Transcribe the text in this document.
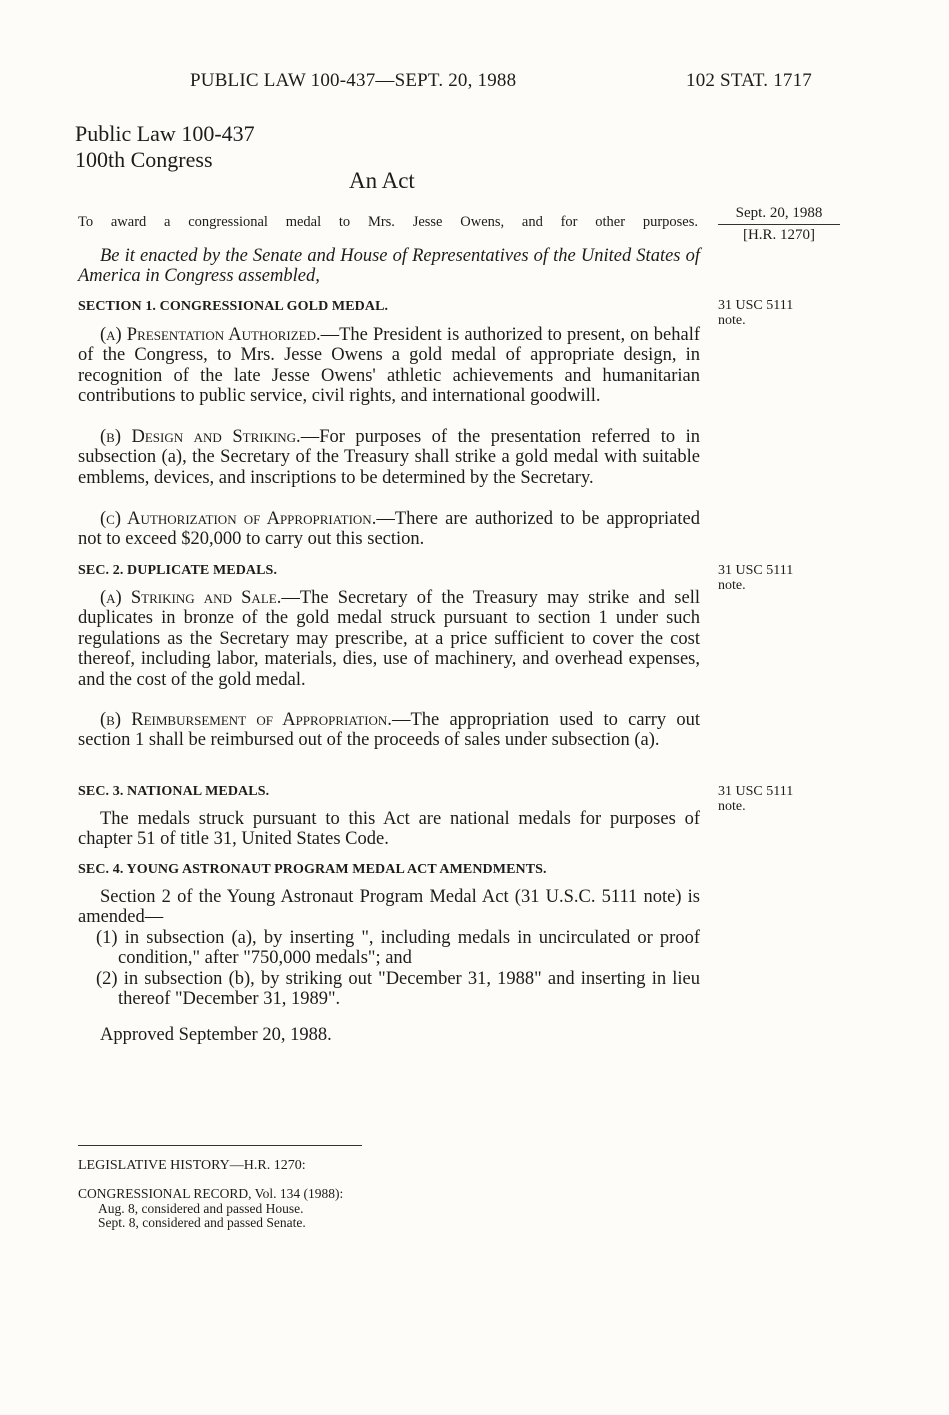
PUBLIC LAW 100-437—SEPT. 20, 1988	102 STAT. 1717
Public Law 100-437
100th Congress
An Act
To award a congressional medal to Mrs. Jesse Owens, and for other purposes.
Sept. 20, 1988
[H.R. 1270]
Be it enacted by the Senate and House of Representatives of the United States of America in Congress assembled,
SECTION 1. CONGRESSIONAL GOLD MEDAL.	31 USC 5111
note.
(a) Presentation Authorized.—The President is authorized to present, on behalf of the Congress, to Mrs. Jesse Owens a gold medal of appropriate design, in recognition of the late Jesse Owens' athletic achievements and humanitarian contributions to public service, civil rights, and international goodwill.
(b) Design and Striking.—For purposes of the presentation referred to in subsection (a), the Secretary of the Treasury shall strike a gold medal with suitable emblems, devices, and inscriptions to be determined by the Secretary.
(c) Authorization of Appropriation.—There are authorized to be appropriated not to exceed $20,000 to carry out this section.
SEC. 2. DUPLICATE MEDALS.	31 USC 5111
note.
(a) Striking and Sale.—The Secretary of the Treasury may strike and sell duplicates in bronze of the gold medal struck pursuant to section 1 under such regulations as the Secretary may prescribe, at a price sufficient to cover the cost thereof, including labor, materials, dies, use of machinery, and overhead expenses, and the cost of the gold medal.
(b) Reimbursement of Appropriation.—The appropriation used to carry out section 1 shall be reimbursed out of the proceeds of sales under subsection (a).
SEC. 3. NATIONAL MEDALS.	31 USC 5111
note.
The medals struck pursuant to this Act are national medals for purposes of chapter 51 of title 31, United States Code.
SEC. 4. YOUNG ASTRONAUT PROGRAM MEDAL ACT AMENDMENTS.
Section 2 of the Young Astronaut Program Medal Act (31 U.S.C. 5111 note) is amended—
(1) in subsection (a), by inserting ", including medals in uncirculated or proof condition," after "750,000 medals"; and
(2) in subsection (b), by striking out "December 31, 1988" and inserting in lieu thereof "December 31, 1989".
Approved September 20, 1988.
LEGISLATIVE HISTORY—H.R. 1270:
CONGRESSIONAL RECORD, Vol. 134 (1988):
Aug. 8, considered and passed House.
Sept. 8, considered and passed Senate.
